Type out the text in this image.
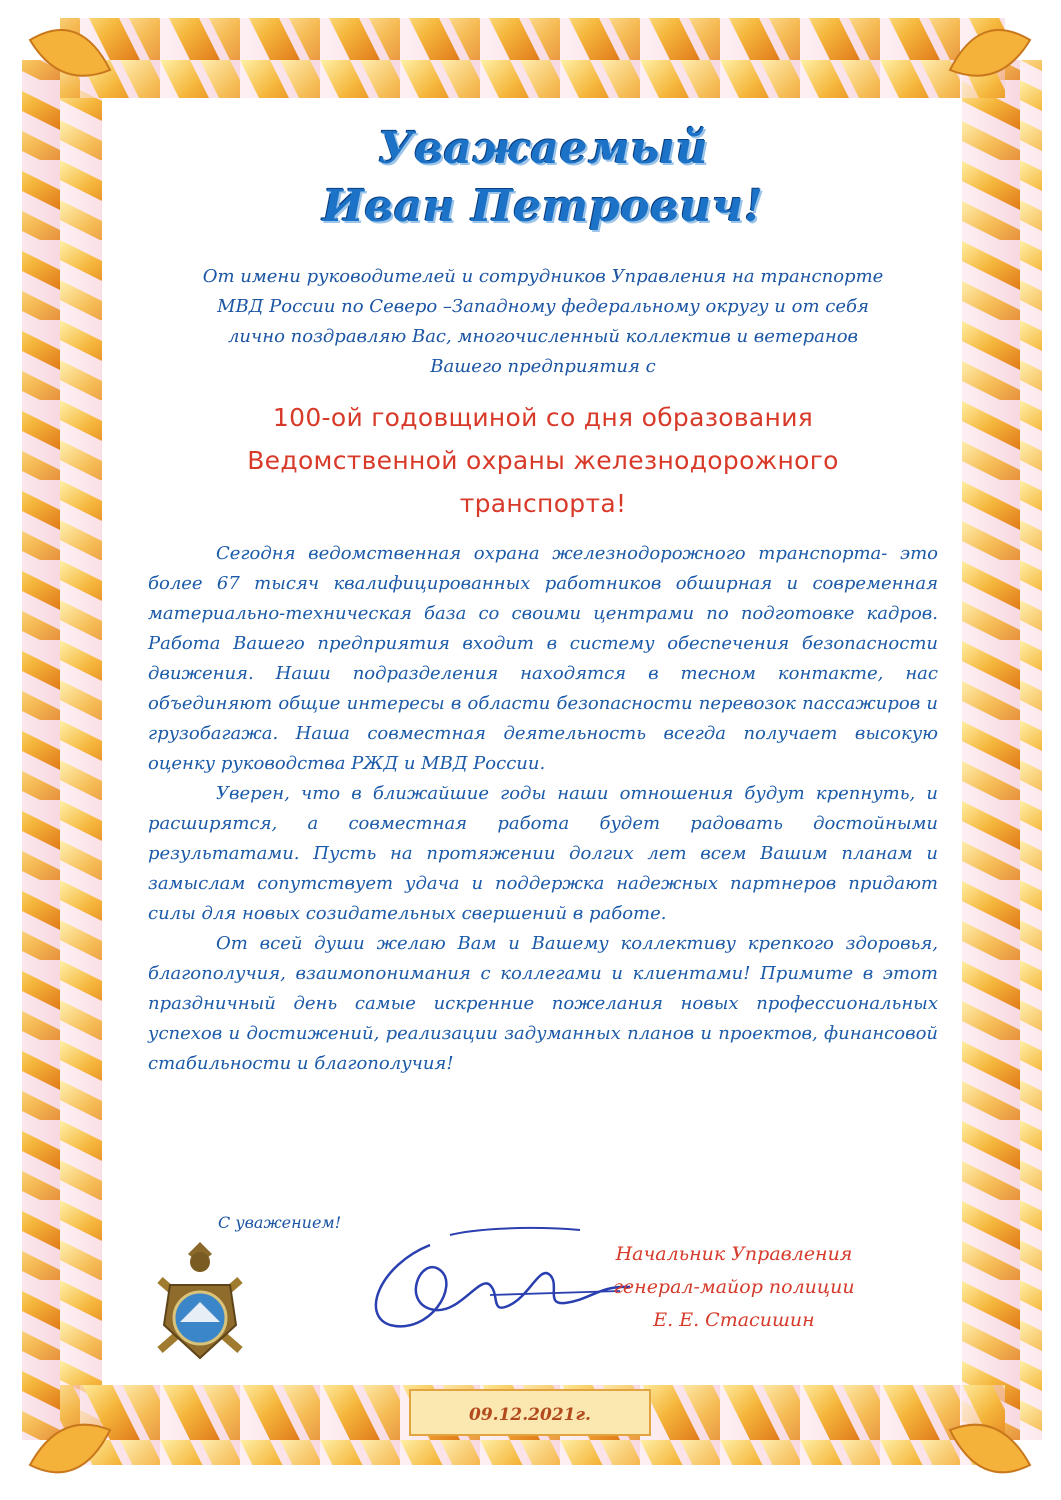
Уважаемый
Иван Петрович!
От имени руководителей и сотрудников Управления на транспорте
МВД России по Северо –Западному федеральному округу и от себя
лично поздравляю Вас, многочисленный коллектив и ветеранов
Вашего предприятия с
100-ой годовщиной со дня образования
Ведомственной охраны железнодорожного
транспорта!

Сегодня ведомственная охрана железнодорожного транспорта- это более 67 тысяч квалифицированных работников обширная и современная материально-техническая база со своими центрами по подготовке кадров. Работа Вашего предприятия входит в систему обеспечения безопасности движения. Наши подразделения находятся в тесном контакте, нас объединяют общие интересы в области безопасности перевозок пассажиров и грузобагажа. Наша совместная деятельность всегда получает высокую оценку руководства РЖД и МВД России.

Уверен, что в ближайшие годы наши отношения будут крепнуть, и расширятся, а совместная работа будет радовать достойными результатами. Пусть на протяжении долгих лет всем Вашим планам и замыслам сопутствует удача и поддержка надежных партнеров придают силы для новых созидательных свершений в работе.

От всей души желаю Вам и Вашему коллективу крепкого здоровья, благополучия, взаимопонимания с коллегами и клиентами! Примите в этот праздничный день самые искренние пожелания новых профессиональных успехов и достижений, реализации задуманных планов и проектов, финансовой стабильности и благополучия!

С уважением!
Начальник Управления
генерал-майор полиции
Е. Е. Стасишин
09.12.2021г.
